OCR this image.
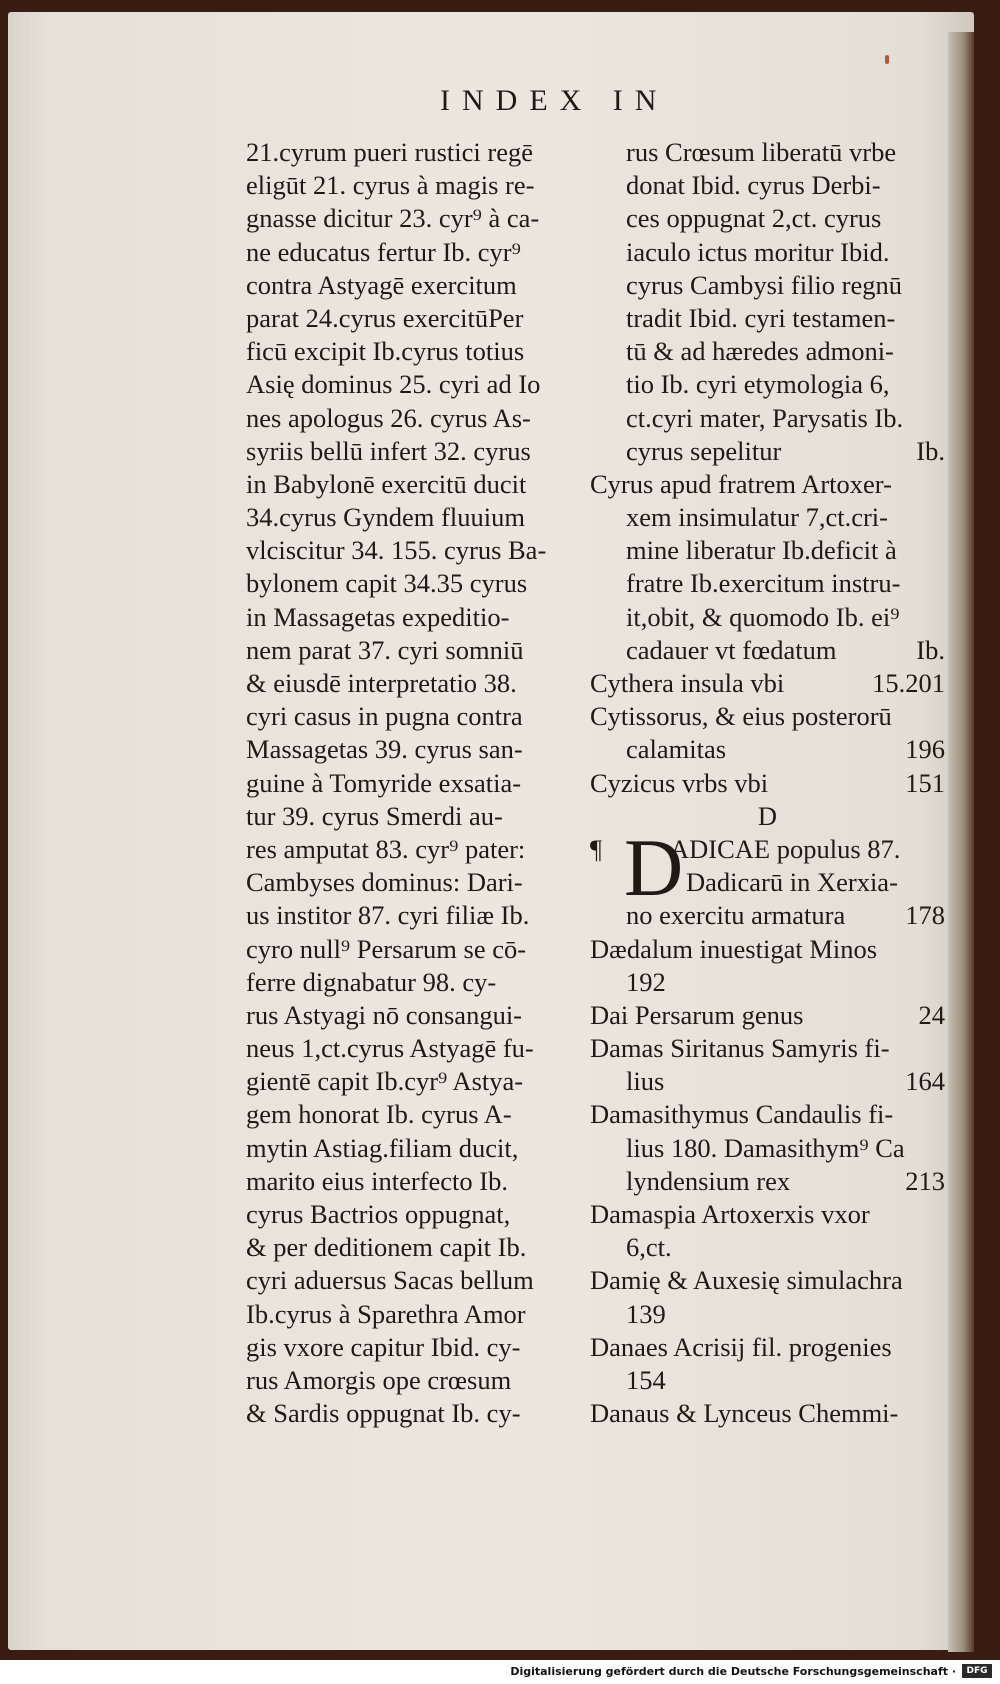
INDEX IN
21.cyrum pueri rustici regē
eligūt 21. cyrus à magis re-
gnasse dicitur 23. cyr⁹ à ca-
ne educatus fertur Ib. cyr⁹
contra Astyagē exercitum
parat 24.cyrus exercitūPer
ficū excipit Ib.cyrus totius
Asię dominus 25. cyri ad Io
nes apologus 26. cyrus As-
syriis bellū infert 32. cyrus
in Babylonē exercitū ducit
34.cyrus Gyndem fluuium
vlciscitur 34. 155. cyrus Ba-
bylonem capit 34.35 cyrus
in Massagetas expeditio-
nem parat 37. cyri somniū
& eiusdē interpretatio 38.
cyri casus in pugna contra
Massagetas 39. cyrus san-
guine à Tomyride exsatia-
tur 39. cyrus Smerdi au-
res amputat 83. cyr⁹ pater:
Cambyses dominus: Dari-
us institor 87. cyri filiæ Ib.
cyro null⁹ Persarum se cō-
ferre dignabatur 98. cy-
rus Astyagi nō consangui-
neus 1,ct.cyrus Astyagē fu-
gientē capit Ib.cyr⁹ Astya-
gem honorat Ib. cyrus A-
mytin Astiag.filiam ducit,
marito eius interfecto Ib.
cyrus Bactrios oppugnat,
& per deditionem capit Ib.
cyri aduersus Sacas bellum
Ib.cyrus à Sparethra Amor
gis vxore capitur Ibid. cy-
rus Amorgis ope crœsum
& Sardis oppugnat Ib. cy-
rus Crœsum liberatū vrbe
donat Ibid. cyrus Derbi-
ces oppugnat 2,ct. cyrus
iaculo ictus moritur Ibid.
cyrus Cambysi filio regnū
tradit Ibid. cyri testamen-
tū & ad hæredes admoni-
tio Ib. cyri etymologia 6,
ct.cyri mater, Parysatis Ib.
cyrus sepelitur	Ib.
Cyrus apud fratrem Artoxer-
xem insimulatur 7,ct.cri-
mine liberatur Ib.deficit à
fratre Ib.exercitum instru-
it,obit, & quomodo Ib. ei⁹
cadauer vt fœdatum	Ib.
Cythera insula vbi	15.201
Cytissorus, & eius posterorū
calamitas	196
Cyzicus vrbs vbi	151
D
¶ D
ADICAE populus 87.
Dadicarū in Xerxia-
no exercitu armatura 178
Dædalum inuestigat Minos
192
Dai Persarum genus	24
Damas Siritanus Samyris fi-
lius	164
Damasithymus Candaulis fi-
lius 180. Damasithym⁹ Ca
lyndensium rex	213
Damaspia Artoxerxis vxor
6,ct.
Damię & Auxesię simulachra
139
Danaes Acrisij fil. progenies
154
Danaus & Lynceus Chemmi-
Digitalisierung gefördert durch die Deutsche Forschungsgemeinschaft ·	DFG
